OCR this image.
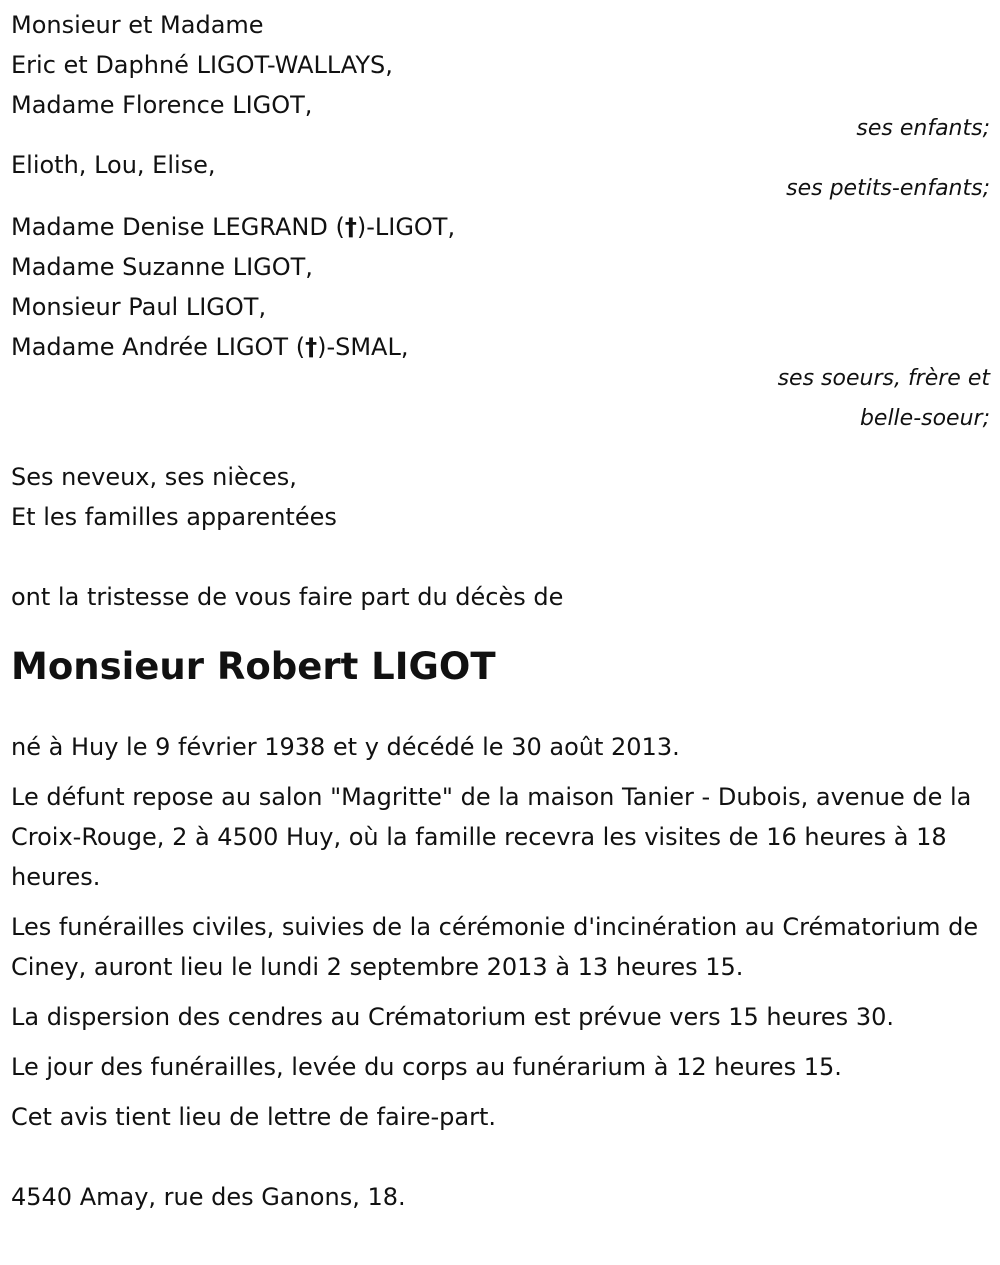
Monsieur et Madame
Eric et Daphné LIGOT-WALLAYS,
Madame Florence LIGOT,
ses enfants;
Elioth, Lou, Elise,
ses petits-enfants;
Madame Denise LEGRAND (†)-LIGOT,
Madame Suzanne LIGOT,
Monsieur Paul LIGOT,
Madame Andrée LIGOT (†)-SMAL,
ses soeurs, frère et
belle-soeur;
Ses neveux, ses nièces,
Et les familles apparentées
ont la tristesse de vous faire part du décès de
Monsieur Robert LIGOT
né à Huy le 9 février 1938 et y décédé le 30 août 2013.
Le défunt repose au salon "Magritte" de la maison Tanier - Dubois, avenue de la Croix-Rouge, 2 à 4500 Huy, où la famille recevra les visites de 16 heures à 18 heures.
Les funérailles civiles, suivies de la cérémonie d'incinération au Crématorium de Ciney, auront lieu le lundi 2 septembre 2013 à 13 heures 15.
La dispersion des cendres au Crématorium est prévue vers 15 heures 30.
Le jour des funérailles, levée du corps au funérarium à 12 heures 15.
Cet avis tient lieu de lettre de faire-part.
4540 Amay, rue des Ganons, 18.
